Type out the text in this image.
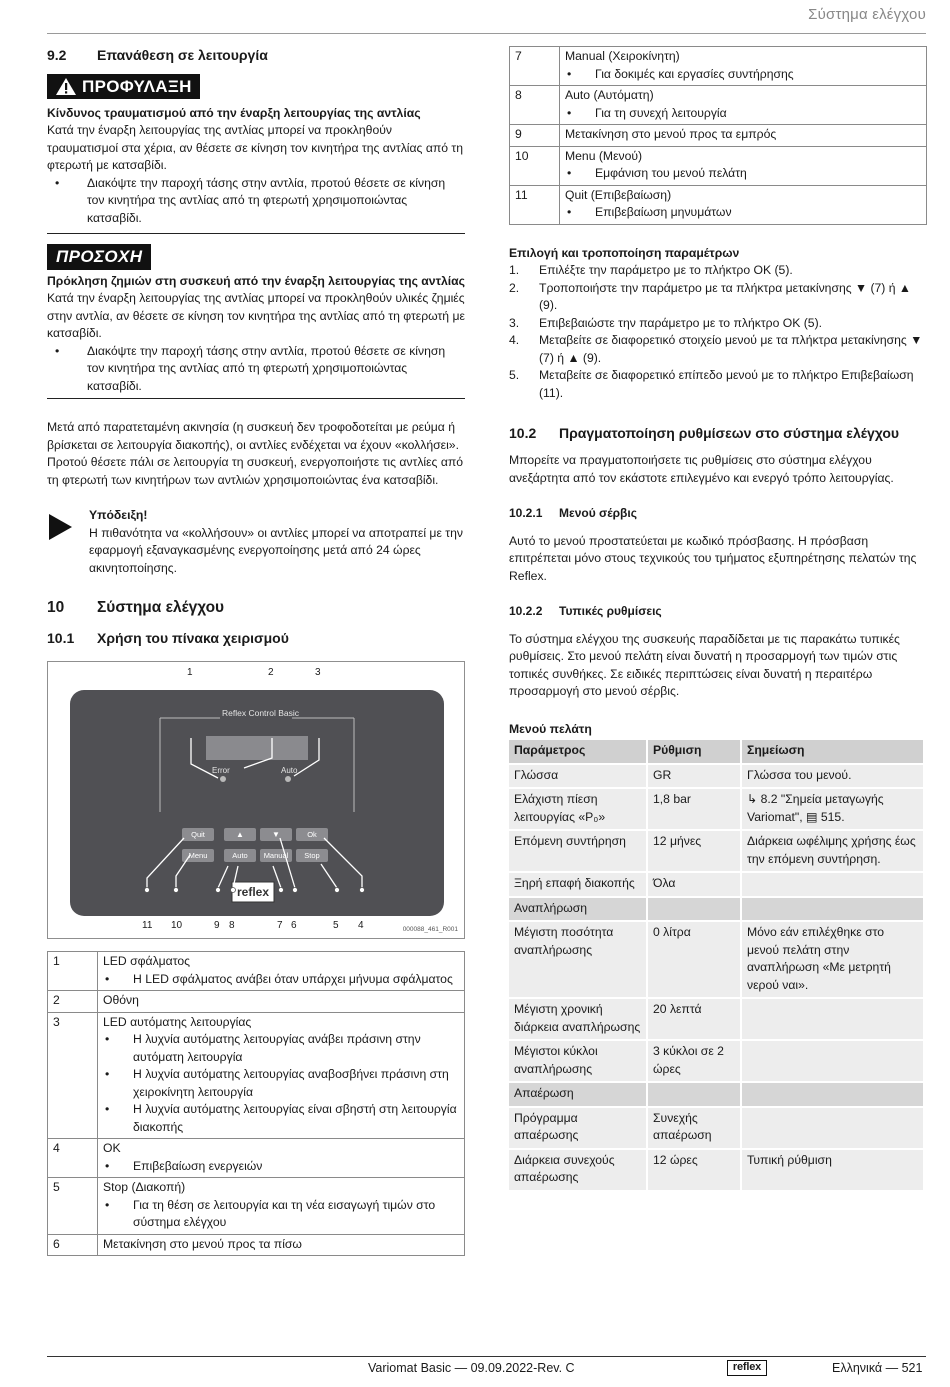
Σύστημα ελέγχου
9.2	Επανάθεση σε λειτουργία
ΠΡΟΦΥΛΑΞΗ

Κίνδυνος τραυματισμού από την έναρξη λειτουργίας της αντλίας

Κατά την έναρξη λειτουργίας της αντλίας μπορεί να προκληθούν τραυματισμοί στα χέρια, αν θέσετε σε κίνηση τον κινητήρα της αντλίας από τη φτερωτή με κατσαβίδι.

• Διακόψτε την παροχή τάσης στην αντλία, προτού θέσετε σε κίνηση τον κινητήρα της αντλίας από τη φτερωτή χρησιμοποιώντας κατσαβίδι.

ΠΡΟΣΟΧΗ

Πρόκληση ζημιών στη συσκευή από την έναρξη λειτουργίας της αντλίας

Κατά την έναρξη λειτουργίας της αντλίας μπορεί να προκληθούν υλικές ζημιές στην αντλία, αν θέσετε σε κίνηση τον κινητήρα της αντλίας από τη φτερωτή με κατσαβίδι.

• Διακόψτε την παροχή τάσης στην αντλία, προτού θέσετε σε κίνηση τον κινητήρα της αντλίας από τη φτερωτή χρησιμοποιώντας κατσαβίδι.

Μετά από παρατεταμένη ακινησία (η συσκευή δεν τροφοδοτείται με ρεύμα ή βρίσκεται σε λειτουργία διακοπής), οι αντλίες ενδέχεται να έχουν «κολλήσει». Προτού θέσετε πάλι σε λειτουργία τη συσκευή, ενεργοποιήστε τις αντλίες από τη φτερωτή των κινητήρων των αντλιών χρησιμοποιώντας ένα κατσαβίδι.

Υπόδειξη!

Η πιθανότητα να «κολλήσουν» οι αντλίες μπορεί να αποτραπεί με την εφαρμογή εξαναγκασμένης ενεργοποίησης μετά από 24 ώρες ακινητοποίησης.

10	Σύστημα ελέγχου
10.1	Χρήση του πίνακα χειρισμού
Reflex Control Basic
Error	Auto
Quit	▲	▼	Ok
Menu	Auto	Manual	Stop
reflex
1	2	3
11 10	9 8	7 6	5 4	000088_461_R001
1	LED σφάλματος
• Η LED σφάλματος ανάβει όταν υπάρχει μήνυμα σφάλματος

2	Οθόνη

3	LED αυτόματης λειτουργίας
• Η λυχνία αυτόματης λειτουργίας ανάβει πράσινη στην αυτόματη λειτουργία
• Η λυχνία αυτόματης λειτουργίας αναβοσβήνει πράσινη στη χειροκίνητη λειτουργία
• Η λυχνία αυτόματης λειτουργίας είναι σβηστή στη λειτουργία διακοπής

4	OK
• Επιβεβαίωση ενεργειών

5	Stop (Διακοπή)
• Για τη θέση σε λειτουργία και τη νέα εισαγωγή τιμών στο σύστημα ελέγχου

6	Μετακίνηση στο μενού προς τα πίσω
7	Manual (Χειροκίνητη)
• Για δοκιμές και εργασίες συντήρησης

8	Auto (Αυτόματη)
• Για τη συνεχή λειτουργία

9	Μετακίνηση στο μενού προς τα εμπρός

10	Menu (Μενού)
• Εμφάνιση του μενού πελάτη

11	Quit (Επιβεβαίωση)
• Επιβεβαίωση μηνυμάτων

Επιλογή και τροποποίηση παραμέτρων

1.	Επιλέξτε την παράμετρο με το πλήκτρο OK (5).
2.	Τροποποιήστε την παράμετρο με τα πλήκτρα μετακίνησης ▼ (7) ή ▲ (9).
3.	Επιβεβαιώστε την παράμετρο με το πλήκτρο OK (5).
4.	Μεταβείτε σε διαφορετικό στοιχείο μενού με τα πλήκτρα μετακίνησης ▼ (7) ή ▲ (9).
5.	Μεταβείτε σε διαφορετικό επίπεδο μενού με το πλήκτρο Επιβεβαίωση (11).
10.2	Πραγματοποίηση ρυθμίσεων στο σύστημα ελέγχου

Μπορείτε να πραγματοποιήσετε τις ρυθμίσεις στο σύστημα ελέγχου ανεξάρτητα από τον εκάστοτε επιλεγμένο και ενεργό τρόπο λειτουργίας.

10.2.1	Μενού σέρβις

Αυτό το μενού προστατεύεται με κωδικό πρόσβασης. Η πρόσβαση επιτρέπεται μόνο στους τεχνικούς του τμήματος εξυπηρέτησης πελατών της Reflex.

10.2.2	Τυπικές ρυθμίσεις

Το σύστημα ελέγχου της συσκευής παραδίδεται με τις παρακάτω τυπικές ρυθμίσεις. Στο μενού πελάτη είναι δυνατή η προσαρμογή των τιμών στις τοπικές συνθήκες. Σε ειδικές περιπτώσεις είναι δυνατή η περαιτέρω προσαρμογή στο μενού σέρβις.

Μενού πελάτη

Παράμετρος	Ρύθμιση	Σημείωση
Γλώσσα	GR	Γλώσσα του μενού.
Ελάχιστη πίεση λειτουργίας «P₀»	1,8 bar	↳ 8.2 "Σημεία μεταγωγής Variomat", ▤ 515.
Επόμενη συντήρηση	12 μήνες	Διάρκεια ωφέλιμης χρήσης έως την επόμενη συντήρηση.
Ξηρή επαφή διακοπής	Όλα	
Αναπλήρωση		
Μέγιστη ποσότητα αναπλήρωσης	0 λίτρα	Μόνο εάν επιλέχθηκε στο μενού πελάτη στην αναπλήρωση «Με μετρητή νερού ναι».
Μέγιστη χρονική διάρκεια αναπλήρωσης	20 λεπτά	
Μέγιστοι κύκλοι αναπλήρωσης	3 κύκλοι σε 2 ώρες	
Απαέρωση		
Πρόγραμμα απαέρωσης	Συνεχής απαέρωση	
Διάρκεια συνεχούς απαέρωσης	12 ώρες	Τυπική ρύθμιση
Variomat Basic — 09.09.2022-Rev. C	reflex	Ελληνικά — 521
